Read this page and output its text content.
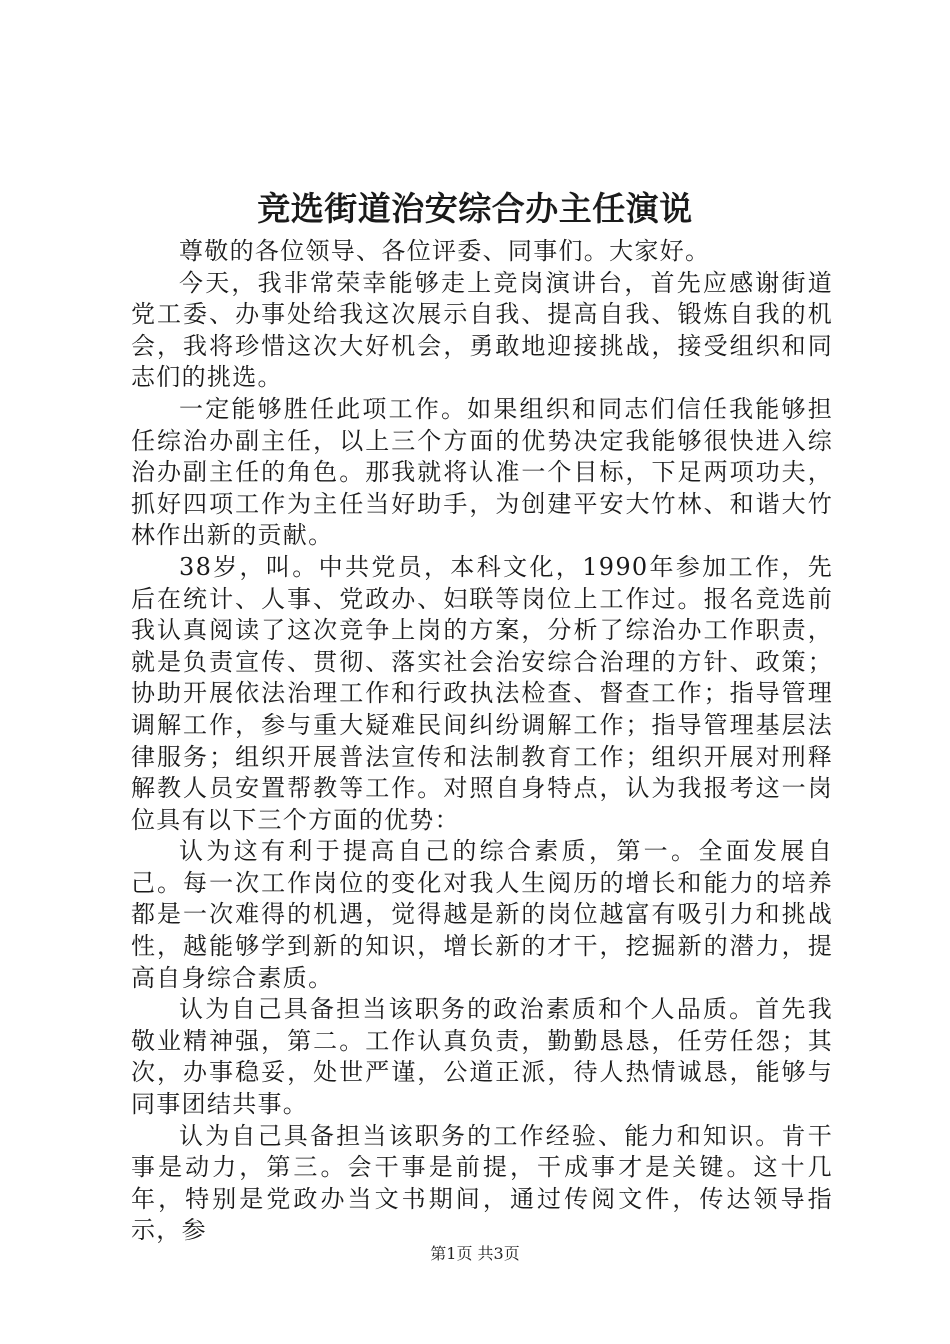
竞选街道治安综合办主任演说

尊敬的各位领导、各位评委、同事们。大家好。

今天，我非常荣幸能够走上竞岗演讲台，首先应感谢街道党工委、办事处给我这次展示自我、提高自我、锻炼自我的机会，我将珍惜这次大好机会，勇敢地迎接挑战，接受组织和同志们的挑选。

一定能够胜任此项工作。如果组织和同志们信任我能够担任综治办副主任，以上三个方面的优势决定我能够很快进入综治办副主任的角色。那我就将认准一个目标，下足两项功夫，抓好四项工作为主任当好助手，为创建平安大竹林、和谐大竹林作出新的贡献。

38岁，叫。中共党员，本科文化，1990年参加工作，先后在统计、人事、党政办、妇联等岗位上工作过。报名竞选前我认真阅读了这次竞争上岗的方案，分析了综治办工作职责，就是负责宣传、贯彻、落实社会治安综合治理的方针、政策；协助开展依法治理工作和行政执法检查、督查工作；指导管理调解工作，参与重大疑难民间纠纷调解工作；指导管理基层法律服务；组织开展普法宣传和法制教育工作；组织开展对刑释解教人员安置帮教等工作。对照自身特点，认为我报考这一岗位具有以下三个方面的优势：

认为这有利于提高自己的综合素质，第一。全面发展自己。每一次工作岗位的变化对我人生阅历的增长和能力的培养都是一次难得的机遇，觉得越是新的岗位越富有吸引力和挑战性，越能够学到新的知识，增长新的才干，挖掘新的潜力，提高自身综合素质。

认为自己具备担当该职务的政治素质和个人品质。首先我敬业精神强，第二。工作认真负责，勤勤恳恳，任劳任怨；其次，办事稳妥，处世严谨，公道正派，待人热情诚恳，能够与同事团结共事。

认为自己具备担当该职务的工作经验、能力和知识。肯干事是动力，第三。会干事是前提，干成事才是关键。这十几年，特别是党政办当文书期间，通过传阅文件，传达领导指示，参

第1页 共3页
